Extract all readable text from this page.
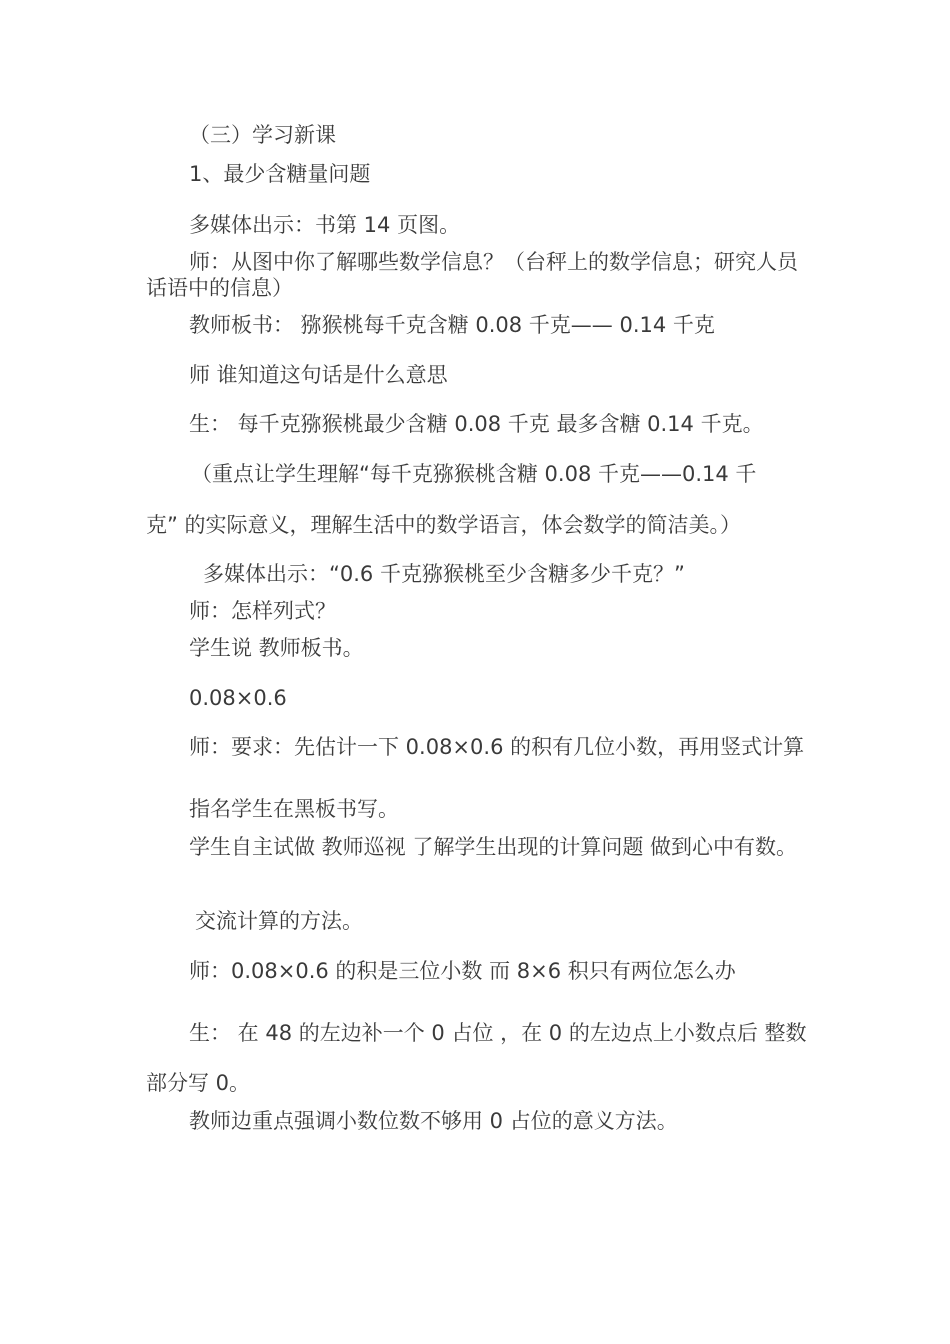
（三）学习新课

1、最少含糖量问题

多媒体出示：书第 14 页图。

师：从图中你了解哪些数学信息？（台秤上的数学信息；研究人员话语中的信息）

教师板书： 猕猴桃每千克含糖 0.08 千克—— 0.14 千克

师 谁知道这句话是什么意思

生： 每千克猕猴桃最少含糖 0.08 千克 最多含糖 0.14 千克。

（重点让学生理解“每千克猕猴桃含糖 0.08 千克——0.14 千

克” 的实际意义，理解生活中的数学语言，体会数学的简洁美。）

多媒体出示：“0.6 千克猕猴桃至少含糖多少千克？”

师：怎样列式？

学生说 教师板书。

0.08×0.6

师：要求：先估计一下 0.08×0.6 的积有几位小数，再用竖式计算

指名学生在黑板书写。

学生自主试做 教师巡视 了解学生出现的计算问题 做到心中有数。

交流计算的方法。

师：0.08×0.6 的积是三位小数 而 8×6 积只有两位怎么办

生： 在 48 的左边补一个 0 占位 ，在 0 的左边点上小数点后 整数部分写 0。

教师边重点强调小数位数不够用 0 占位的意义方法。
